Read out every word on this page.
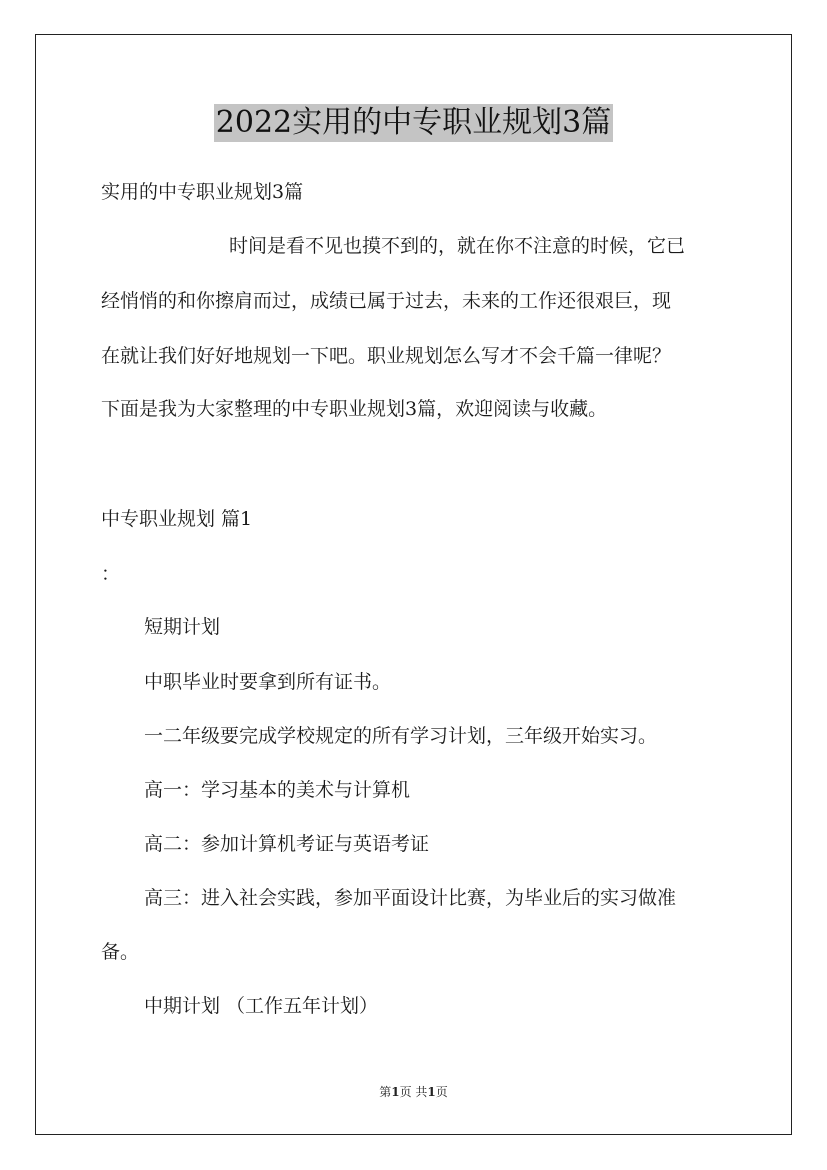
2022实用的中专职业规划3篇
实用的中专职业规划3篇
时间是看不见也摸不到的，就在你不注意的时候，它已
经悄悄的和你擦肩而过，成绩已属于过去，未来的工作还很艰巨，现
在就让我们好好地规划一下吧。职业规划怎么写才不会千篇一律呢？
下面是我为大家整理的中专职业规划3篇，欢迎阅读与收藏。
中专职业规划 篇1
：
短期计划
中职毕业时要拿到所有证书。
一二年级要完成学校规定的所有学习计划，三年级开始实习。
高一：学习基本的美术与计算机
高二：参加计算机考证与英语考证
高三：进入社会实践，参加平面设计比赛，为毕业后的实习做准
备。
中期计划 （工作五年计划）
第1页 共1页
